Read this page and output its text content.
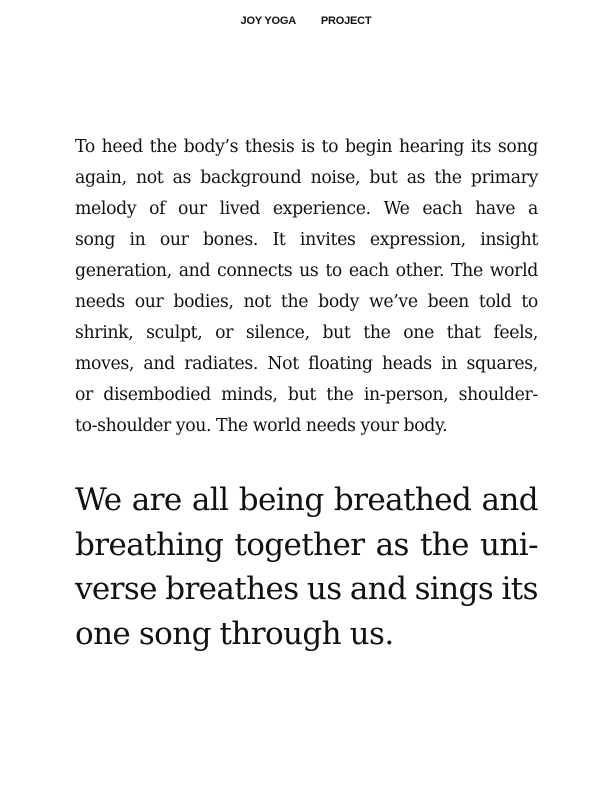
JOY YOGA PROJECT
To heed the body’s thesis is to begin hearing its song
again, not as background noise, but as the primary
melody of our lived experience. We each have a
song in our bones. It invites expression, insight
generation, and connects us to each other. The world
needs our bodies, not the body we’ve been told to
shrink, sculpt, or silence, but the one that feels,
moves, and radiates. Not floating heads in squares,
or disembodied minds, but the in-person, shoulder-
to-shoulder you. The world needs your body.
We are all being breathed and
breathing together as the uni-
verse breathes us and sings its
one song through us.
